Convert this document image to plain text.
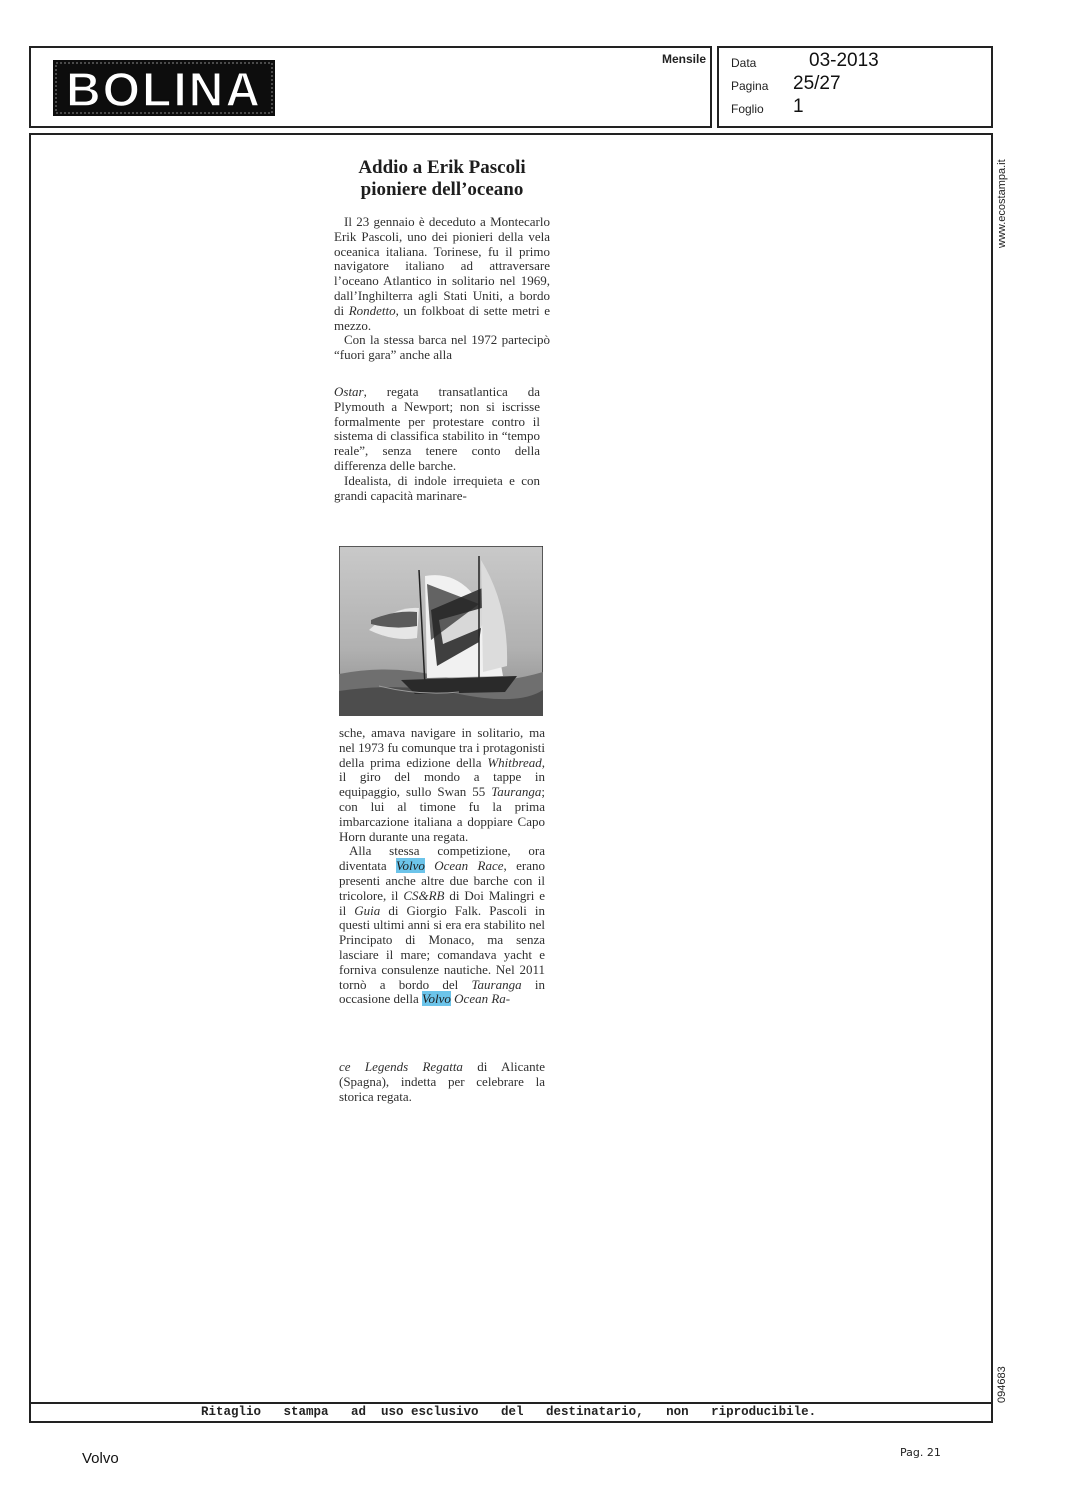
BOLINA
Mensile Data	03-2013
Pagina 25/27
Foglio 1
www.ecostampa.it
094683
Ritaglio   stampa   ad  uso esclusivo   del   destinatario,   non   riproducibile.
Addio a Erik Pascoli
pioniere dell’oceano

Il 23 gennaio è deceduto a Montecarlo Erik Pascoli, uno dei pionieri della vela oceanica italiana. Torinese, fu il primo navigatore italiano ad attraversare l’oceano Atlantico in solitario nel 1969, dall’Inghilterra agli Stati Uniti, a bordo di Rondetto, un folkboat di sette metri e mezzo.

Con la stessa barca nel 1972 partecipò “fuori gara” anche alla

Ostar, regata transatlantica da Plymouth a Newport; non si iscrisse formalmente per protestare contro il sistema di classifica stabilito in “tempo reale”, senza tenere conto della differenza delle barche.

Idealista, di indole irrequieta e con grandi capacità marinare-

sche, amava navigare in solitario, ma nel 1973 fu comunque tra i protagonisti della prima edizione della Whitbread, il giro del mondo a tappe in equipaggio, sullo Swan 55 Tauranga; con lui al timone fu la prima imbarcazione italiana a doppiare Capo Horn durante una regata.

Alla stessa competizione, ora diventata Volvo Ocean Race, erano presenti anche altre due barche con il tricolore, il CS&RB di Doi Malingri e il Guia di Giorgio Falk. Pascoli in questi ultimi anni si era era stabilito nel Principato di Monaco, ma senza lasciare il mare; comandava yacht e forniva consulenze nautiche. Nel 2011 tornò a bordo del Tauranga in occasione della Volvo Ocean Ra-

ce Legends Regatta di Alicante (Spagna), indetta per celebrare la storica regata.

Volvo	Pag. 21
